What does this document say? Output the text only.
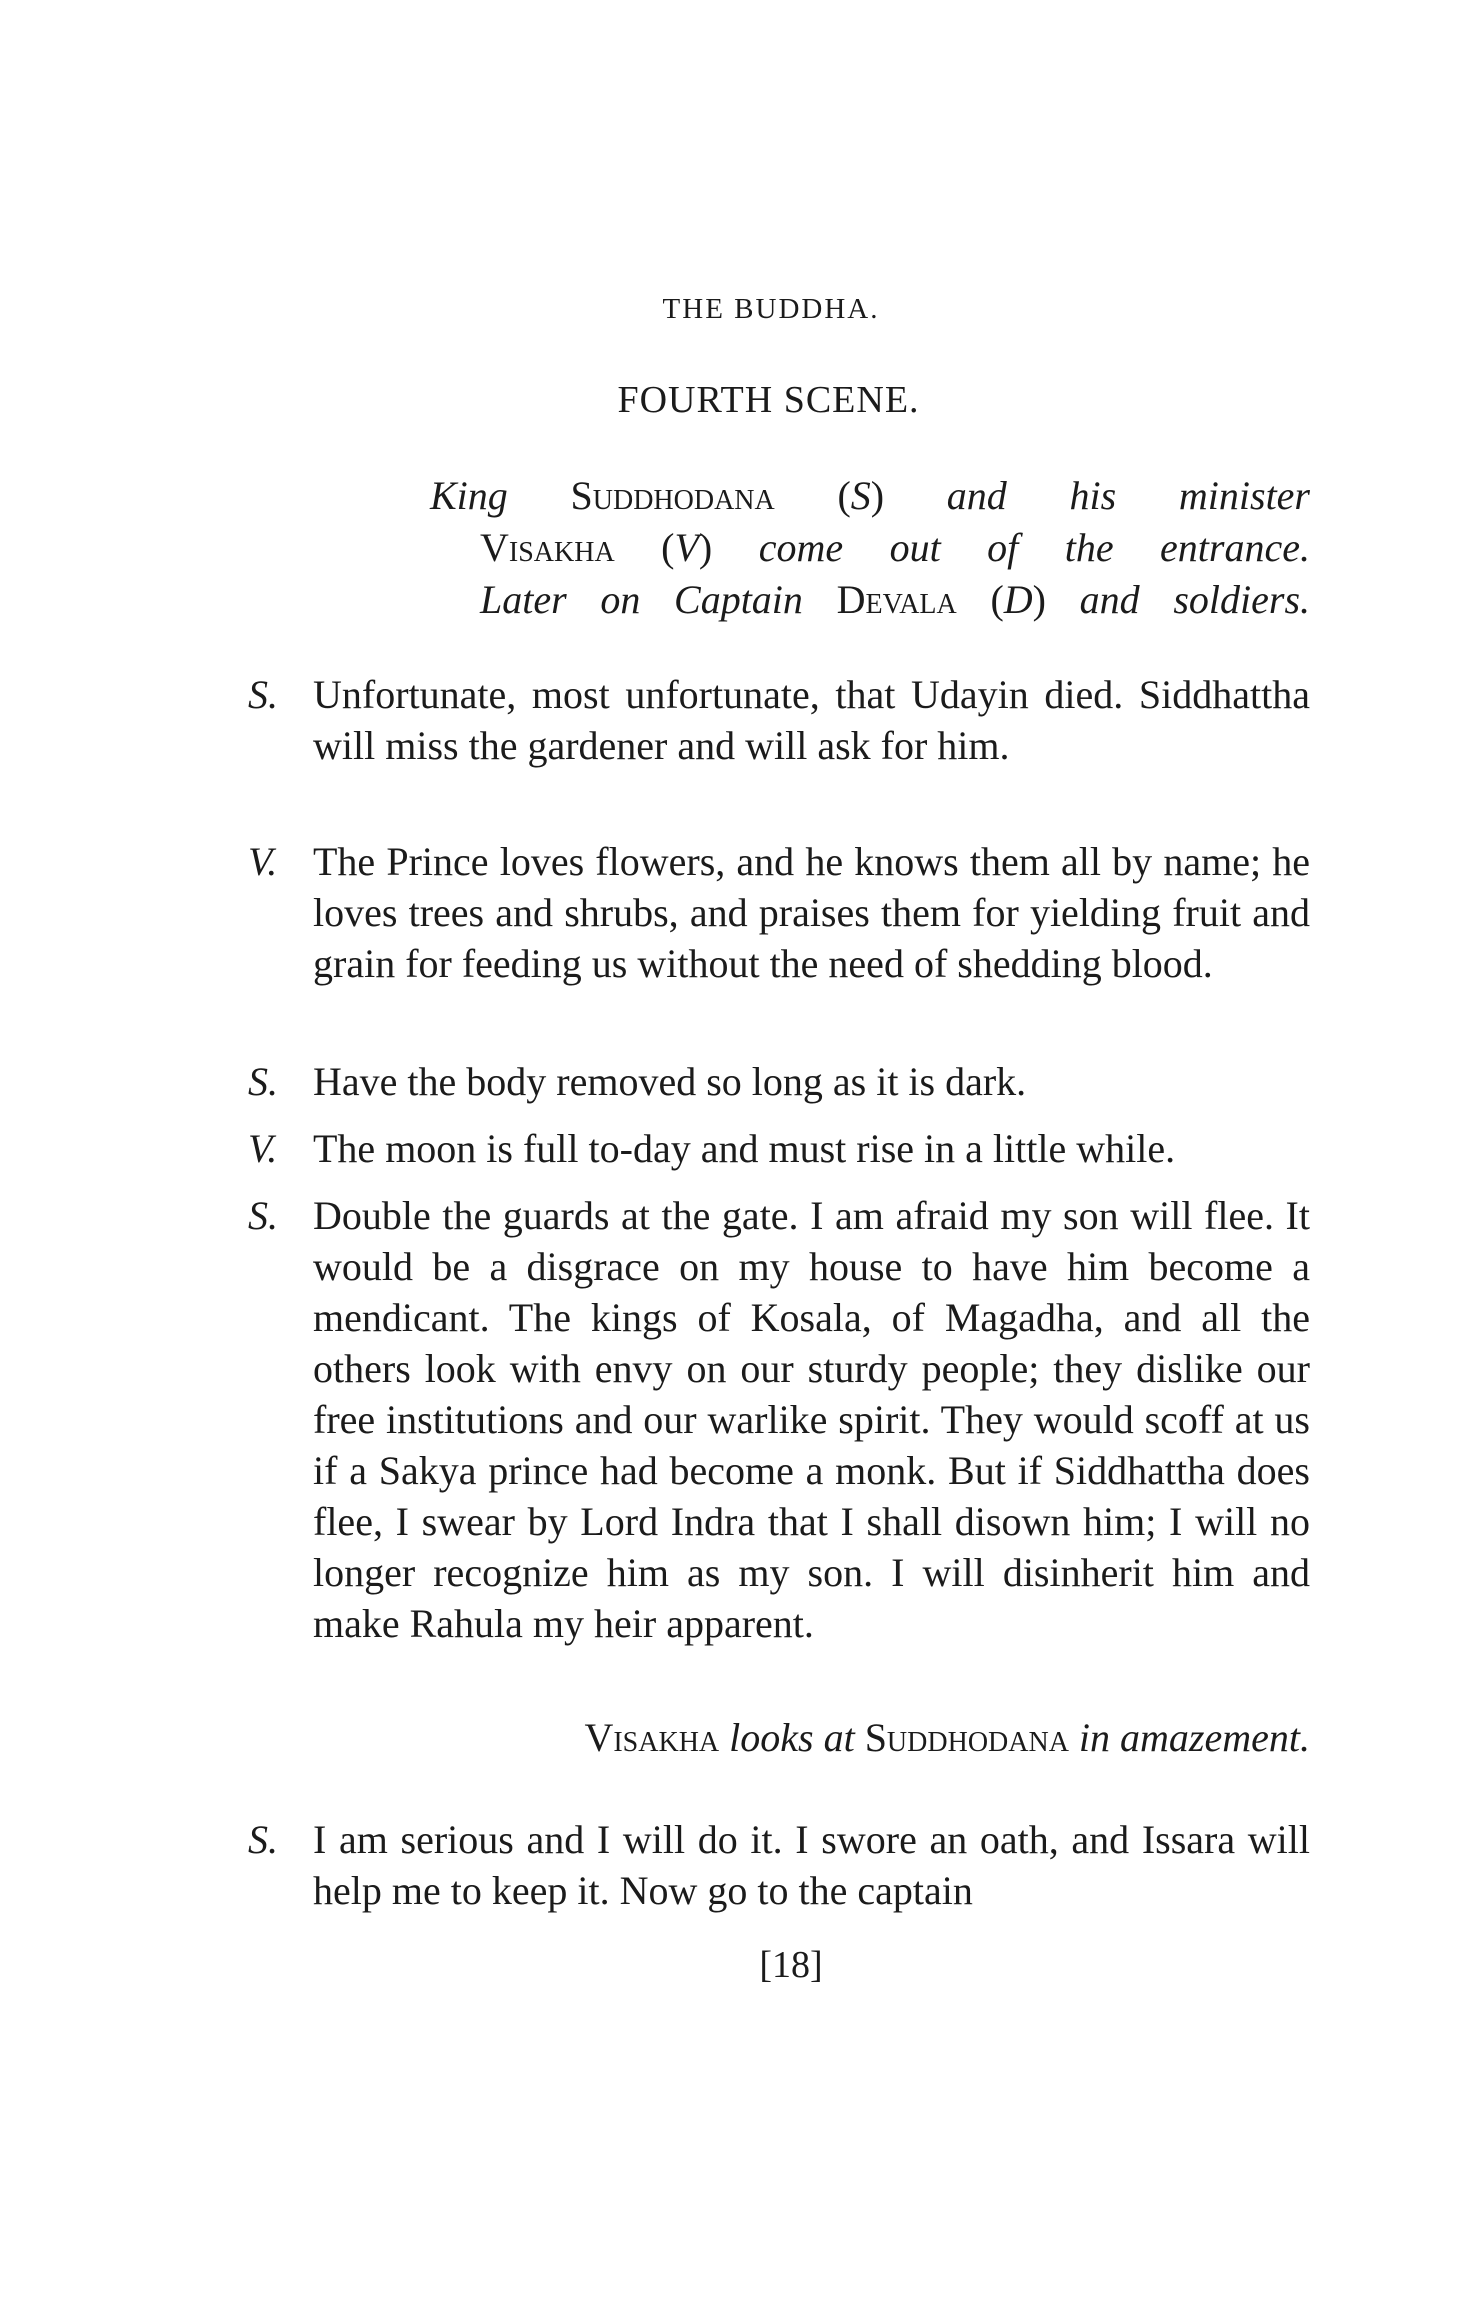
THE BUDDHA.
FOURTH SCENE.
King Suddhodana (S) and his minister
Visakha (V) come out of the entrance.
Later on Captain Devala (D) and soldiers.
S. Unfortunate, most unfortunate, that Udayin died. Siddhattha will miss the gardener and will ask for him.
V. The Prince loves flowers, and he knows them all by name; he loves trees and shrubs, and praises them for yielding fruit and grain for feeding us without the need of shedding blood.
S. Have the body removed so long as it is dark.
V. The moon is full to-day and must rise in a little while.
S. Double the guards at the gate. I am afraid my son will flee. It would be a disgrace on my house to have him become a mendicant. The kings of Kosala, of Magadha, and all the others look with envy on our sturdy people; they dislike our free institutions and our warlike spirit. They would scoff at us if a Sakya prince had become a monk. But if Siddhattha does flee, I swear by Lord Indra that I shall disown him; I will no longer recognize him as my son. I will disinherit him and make Rahula my heir apparent.
Visakha looks at Suddhodana in amazement.
S. I am serious and I will do it. I swore an oath, and Issara will help me to keep it. Now go to the captain
[18]
